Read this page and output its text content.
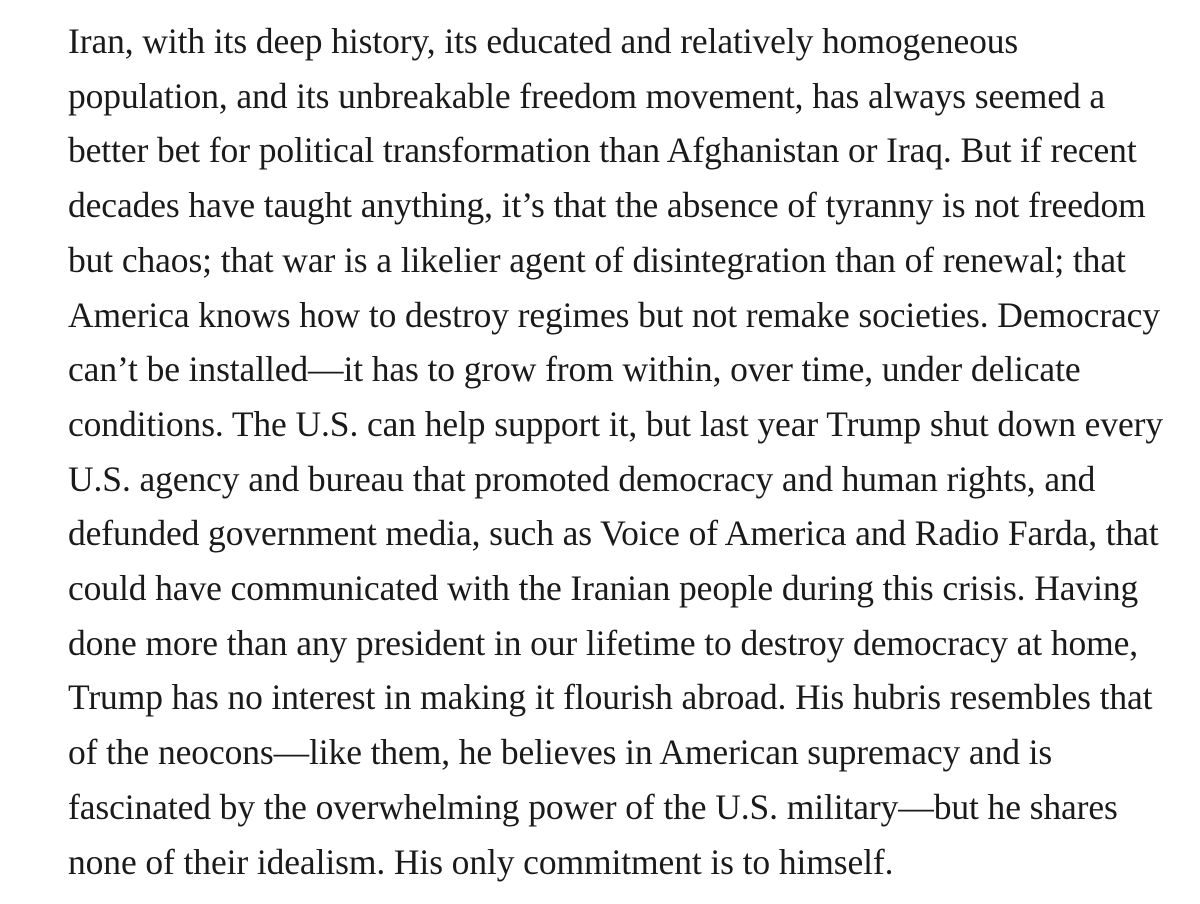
Iran, with its deep history, its educated and relatively homogeneous
population, and its unbreakable freedom movement, has always seemed a
better bet for political transformation than Afghanistan or Iraq. But if recent
decades have taught anything, it’s that the absence of tyranny is not freedom
but chaos; that war is a likelier agent of disintegration than of renewal; that
America knows how to destroy regimes but not remake societies. Democracy
can’t be installed—it has to grow from within, over time, under delicate
conditions. The U.S. can help support it, but last year Trump shut down every
U.S. agency and bureau that promoted democracy and human rights, and
defunded government media, such as Voice of America and Radio Farda, that
could have communicated with the Iranian people during this crisis. Having
done more than any president in our lifetime to destroy democracy at home,
Trump has no interest in making it flourish abroad. His hubris resembles that
of the neocons—like them, he believes in American supremacy and is
fascinated by the overwhelming power of the U.S. military—but he shares
none of their idealism. His only commitment is to himself.
